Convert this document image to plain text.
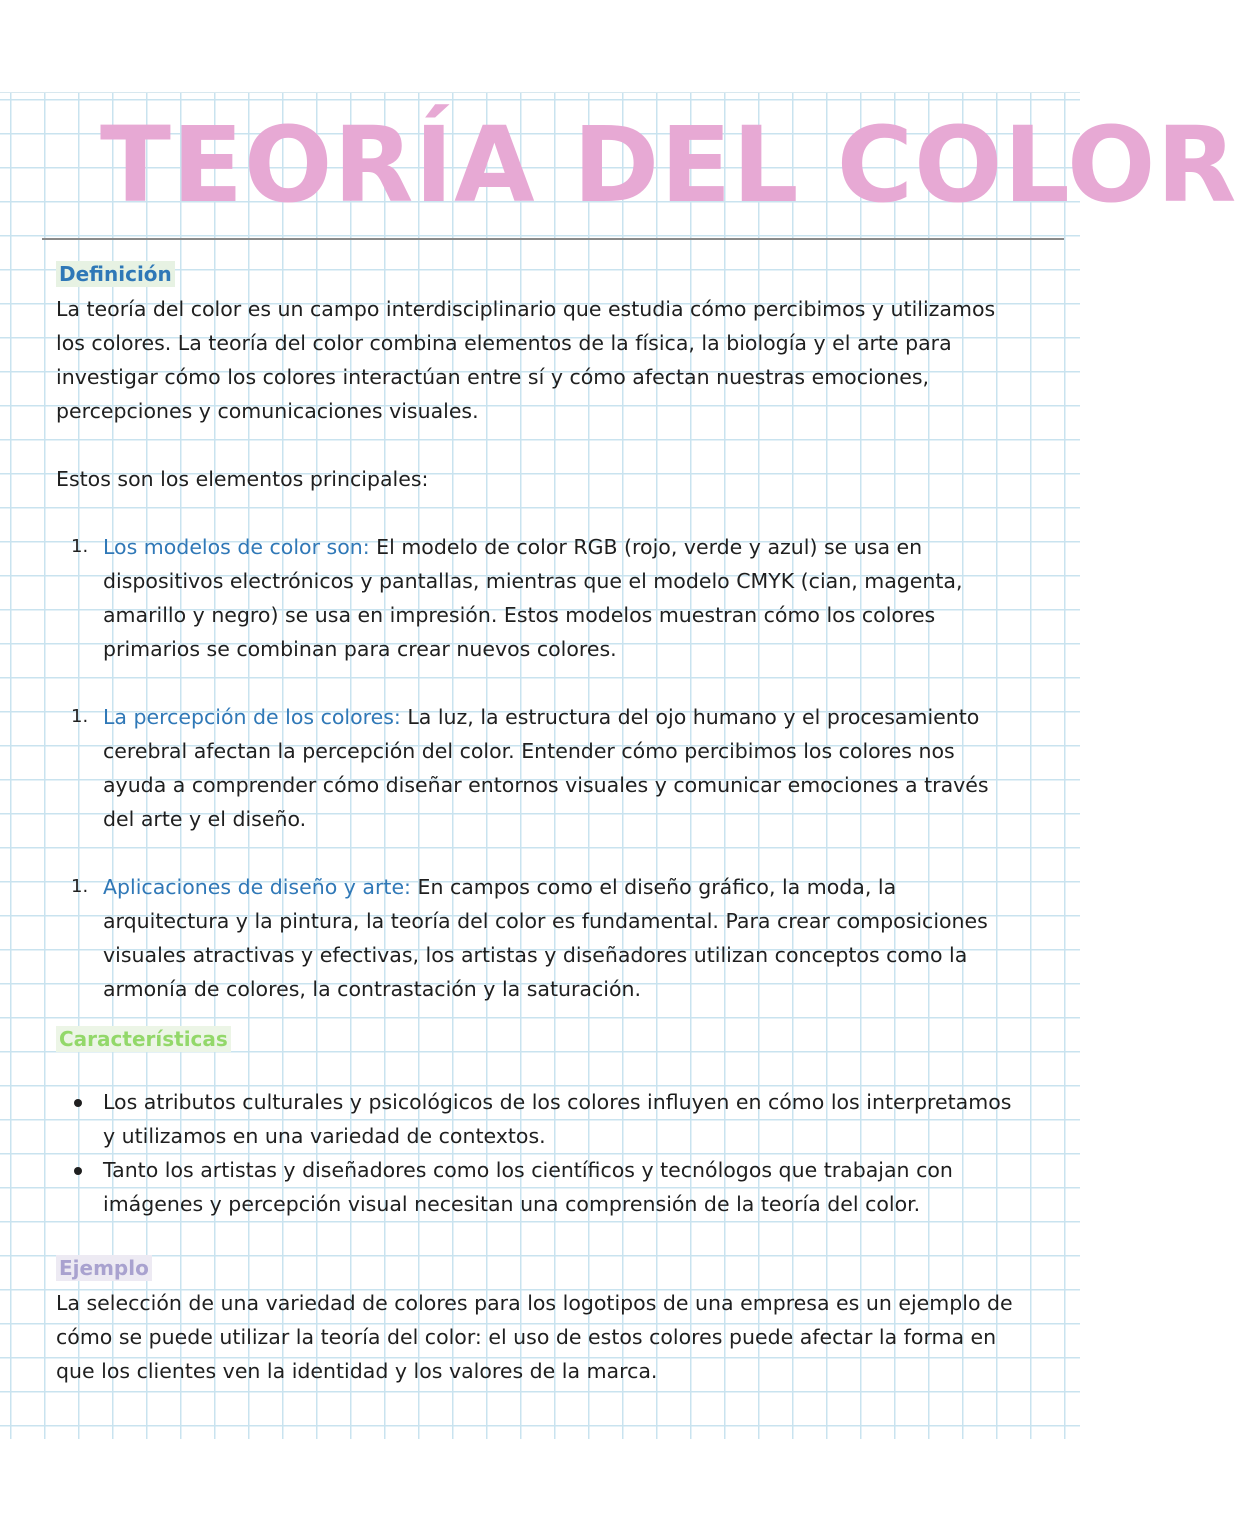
TEORÍA DEL COLOR
Definición

La teoría del color es un campo interdisciplinario que estudia cómo percibimos y utilizamos los colores. La teoría del color combina elementos de la física, la biología y el arte para investigar cómo los colores interactúan entre sí y cómo afectan nuestras emociones, percepciones y comunicaciones visuales.

Estos son los elementos principales:

1. Los modelos de color son: El modelo de color RGB (rojo, verde y azul) se usa en dispositivos electrónicos y pantallas, mientras que el modelo CMYK (cian, magenta, amarillo y negro) se usa en impresión. Estos modelos muestran cómo los colores primarios se combinan para crear nuevos colores.
1. La percepción de los colores: La luz, la estructura del ojo humano y el procesamiento cerebral afectan la percepción del color. Entender cómo percibimos los colores nos ayuda a comprender cómo diseñar entornos visuales y comunicar emociones a través del arte y el diseño.
1. Aplicaciones de diseño y arte: En campos como el diseño gráfico, la moda, la arquitectura y la pintura, la teoría del color es fundamental. Para crear composiciones visuales atractivas y efectivas, los artistas y diseñadores utilizan conceptos como la armonía de colores, la contrastación y la saturación.
Características
Los atributos culturales y psicológicos de los colores influyen en cómo los interpretamos y utilizamos en una variedad de contextos.
Tanto los artistas y diseñadores como los científicos y tecnólogos que trabajan con imágenes y percepción visual necesitan una comprensión de la teoría del color.
Ejemplo

La selección de una variedad de colores para los logotipos de una empresa es un ejemplo de cómo se puede utilizar la teoría del color: el uso de estos colores puede afectar la forma en que los clientes ven la identidad y los valores de la marca.
